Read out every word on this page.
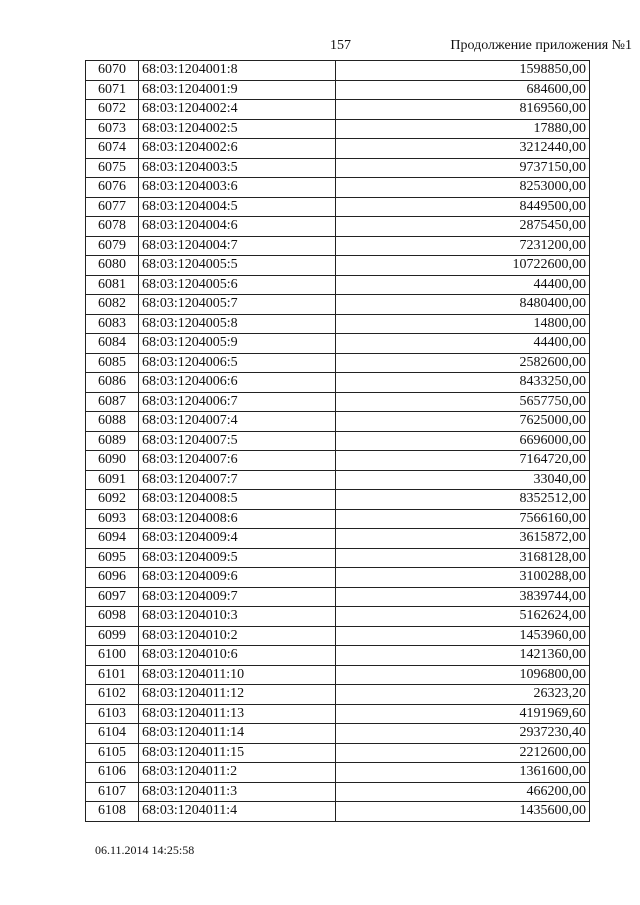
157	Продолжение приложения №1
6070	68:03:1204001:8	1598850,00
6071	68:03:1204001:9	684600,00
6072	68:03:1204002:4	8169560,00
6073	68:03:1204002:5	17880,00
6074	68:03:1204002:6	3212440,00
6075	68:03:1204003:5	9737150,00
6076	68:03:1204003:6	8253000,00
6077	68:03:1204004:5	8449500,00
6078	68:03:1204004:6	2875450,00
6079	68:03:1204004:7	7231200,00
6080	68:03:1204005:5	10722600,00
6081	68:03:1204005:6	44400,00
6082	68:03:1204005:7	8480400,00
6083	68:03:1204005:8	14800,00
6084	68:03:1204005:9	44400,00
6085	68:03:1204006:5	2582600,00
6086	68:03:1204006:6	8433250,00
6087	68:03:1204006:7	5657750,00
6088	68:03:1204007:4	7625000,00
6089	68:03:1204007:5	6696000,00
6090	68:03:1204007:6	7164720,00
6091	68:03:1204007:7	33040,00
6092	68:03:1204008:5	8352512,00
6093	68:03:1204008:6	7566160,00
6094	68:03:1204009:4	3615872,00
6095	68:03:1204009:5	3168128,00
6096	68:03:1204009:6	3100288,00
6097	68:03:1204009:7	3839744,00
6098	68:03:1204010:3	5162624,00
6099	68:03:1204010:2	1453960,00
6100	68:03:1204010:6	1421360,00
6101	68:03:1204011:10	1096800,00
6102	68:03:1204011:12	26323,20
6103	68:03:1204011:13	4191969,60
6104	68:03:1204011:14	2937230,40
6105	68:03:1204011:15	2212600,00
6106	68:03:1204011:2	1361600,00
6107	68:03:1204011:3	466200,00
6108	68:03:1204011:4	1435600,00
06.11.2014 14:25:58
